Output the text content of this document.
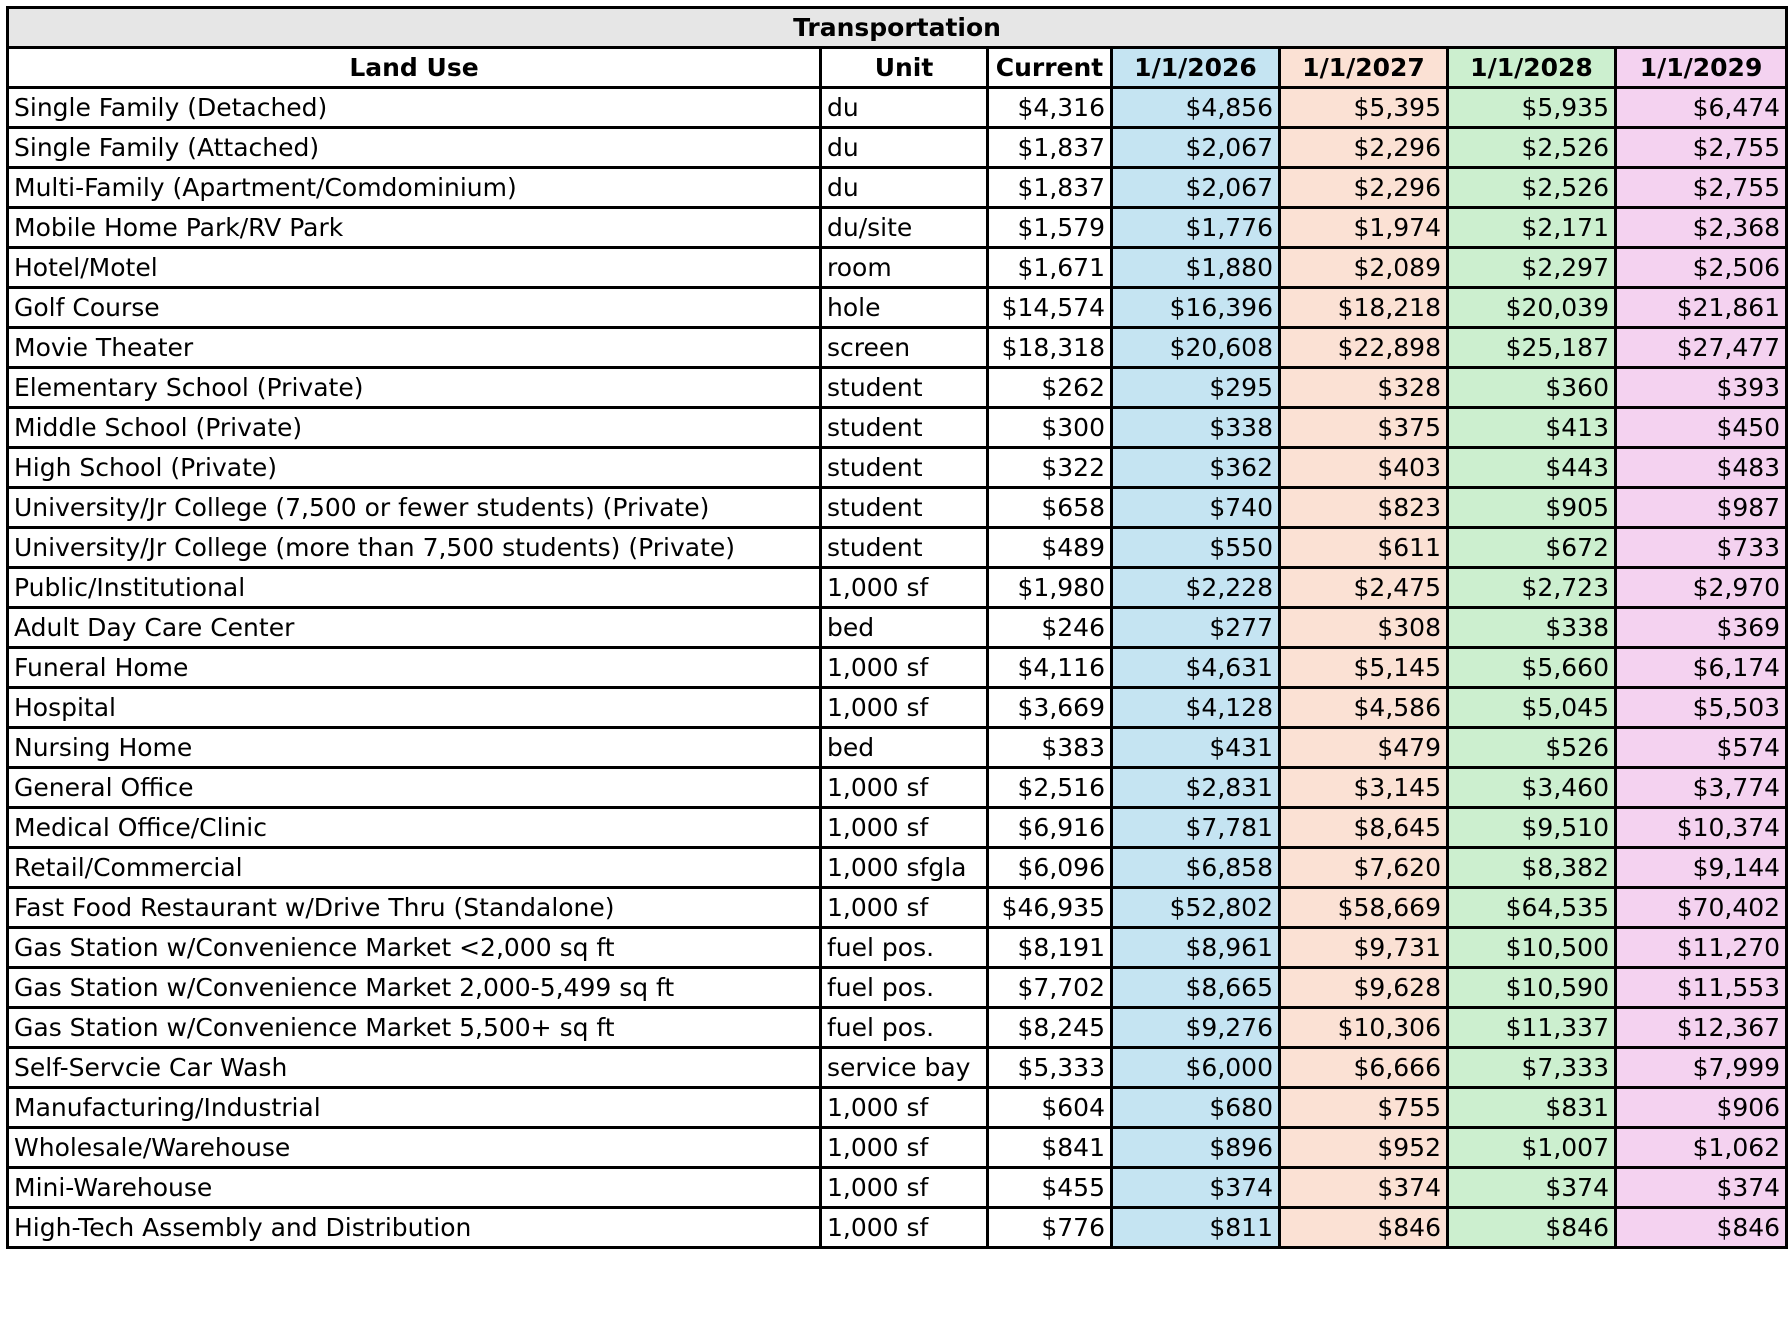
Transportation						
Land Use	Unit	Current	1/1/2026	1/1/2027	1/1/2028	1/1/2029
Single Family (Detached)	du	$4,316	$4,856	$5,395	$5,935	$6,474
Single Family (Attached)	du	$1,837	$2,067	$2,296	$2,526	$2,755
Multi-Family (Apartment/Comdominium)	du	$1,837	$2,067	$2,296	$2,526	$2,755
Mobile Home Park/RV Park	du/site	$1,579	$1,776	$1,974	$2,171	$2,368
Hotel/Motel	room	$1,671	$1,880	$2,089	$2,297	$2,506
Golf Course	hole	$14,574	$16,396	$18,218	$20,039	$21,861
Movie Theater	screen	$18,318	$20,608	$22,898	$25,187	$27,477
Elementary School (Private)	student	$262	$295	$328	$360	$393
Middle School (Private)	student	$300	$338	$375	$413	$450
High School (Private)	student	$322	$362	$403	$443	$483
University/Jr College (7,500 or fewer students) (Private)	student	$658	$740	$823	$905	$987
University/Jr College (more than 7,500 students) (Private)	student	$489	$550	$611	$672	$733
Public/Institutional	1,000 sf	$1,980	$2,228	$2,475	$2,723	$2,970
Adult Day Care Center	bed	$246	$277	$308	$338	$369
Funeral Home	1,000 sf	$4,116	$4,631	$5,145	$5,660	$6,174
Hospital	1,000 sf	$3,669	$4,128	$4,586	$5,045	$5,503
Nursing Home	bed	$383	$431	$479	$526	$574
General Office	1,000 sf	$2,516	$2,831	$3,145	$3,460	$3,774
Medical Office/Clinic	1,000 sf	$6,916	$7,781	$8,645	$9,510	$10,374
Retail/Commercial	1,000 sfgla	$6,096	$6,858	$7,620	$8,382	$9,144
Fast Food Restaurant w/Drive Thru (Standalone)	1,000 sf	$46,935	$52,802	$58,669	$64,535	$70,402
Gas Station w/Convenience Market <2,000 sq ft	fuel pos.	$8,191	$8,961	$9,731	$10,500	$11,270
Gas Station w/Convenience Market 2,000-5,499 sq ft	fuel pos.	$7,702	$8,665	$9,628	$10,590	$11,553
Gas Station w/Convenience Market 5,500+ sq ft	fuel pos.	$8,245	$9,276	$10,306	$11,337	$12,367
Self-Servcie Car Wash	service bay	$5,333	$6,000	$6,666	$7,333	$7,999
Manufacturing/Industrial	1,000 sf	$604	$680	$755	$831	$906
Wholesale/Warehouse	1,000 sf	$841	$896	$952	$1,007	$1,062
Mini-Warehouse	1,000 sf	$455	$374	$374	$374	$374
High-Tech Assembly and Distribution	1,000 sf	$776	$811	$846	$846	$846
